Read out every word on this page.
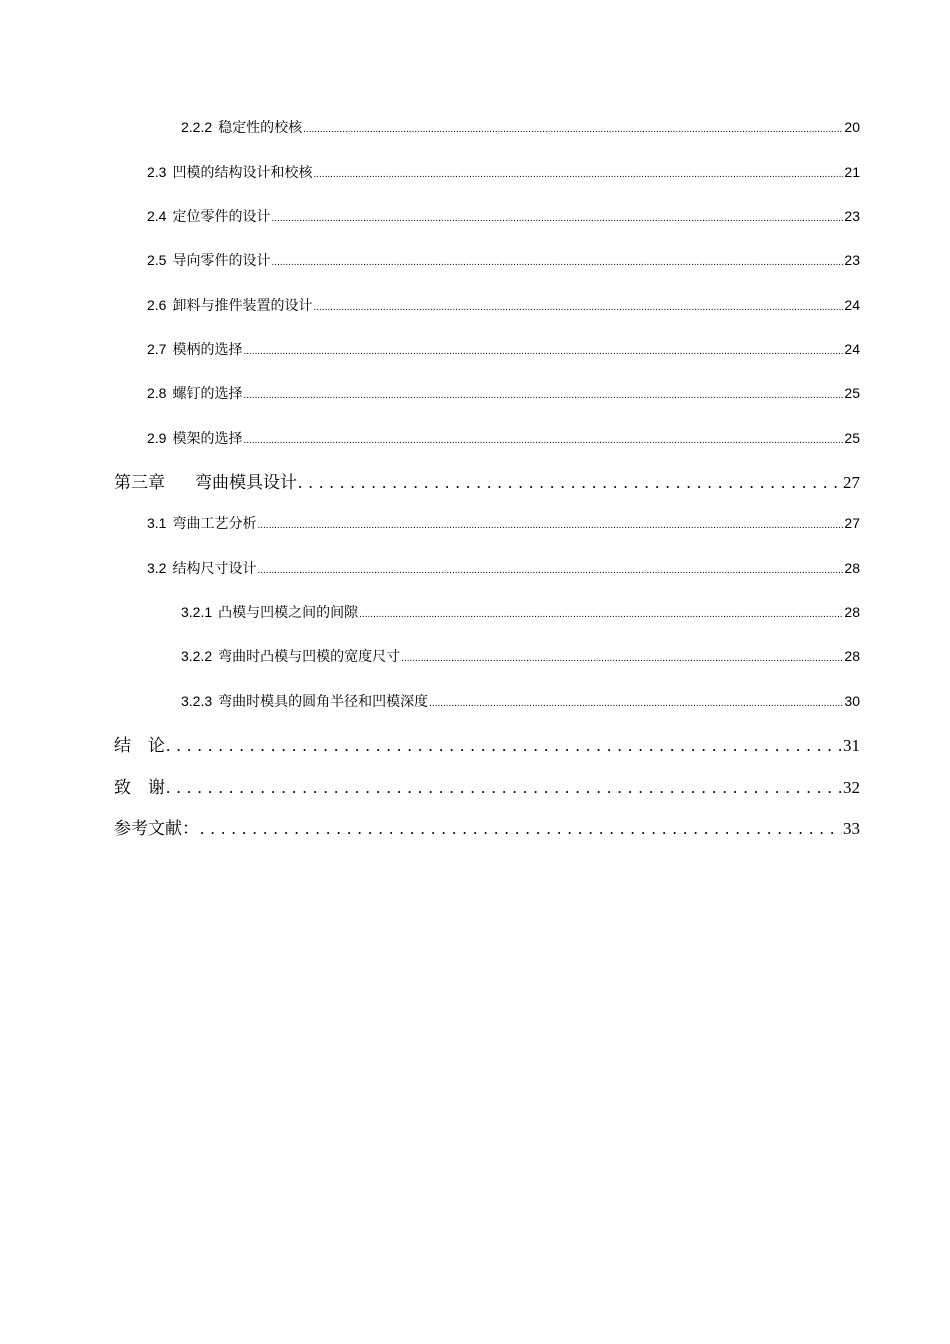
2.2.2 稳定性的校核 .....	20
2.3 凹模的结构设计和校核 .....	21
2.4 定位零件的设计 .....	23
2.5 导向零件的设计 .....	23
2.6 卸料与推件装置的设计 .....	24
2.7 模柄的选择 .....	24
2.8 螺钉的选择 .....	25
2.9 模架的选择 .....	25
第三章 弯曲模具设计 . . .	27
3.1 弯曲工艺分析 .....	27
3.2 结构尺寸设计 .....	28
3.2.1 凸模与凹模之间的间隙 .....	28
3.2.2 弯曲时凸模与凹模的宽度尺寸 .....	28
3.2.3 弯曲时模具的圆角半径和凹模深度 .....	30
结　论 . . .	31
致　谢 . . .	32
参考文献： . . .	33
